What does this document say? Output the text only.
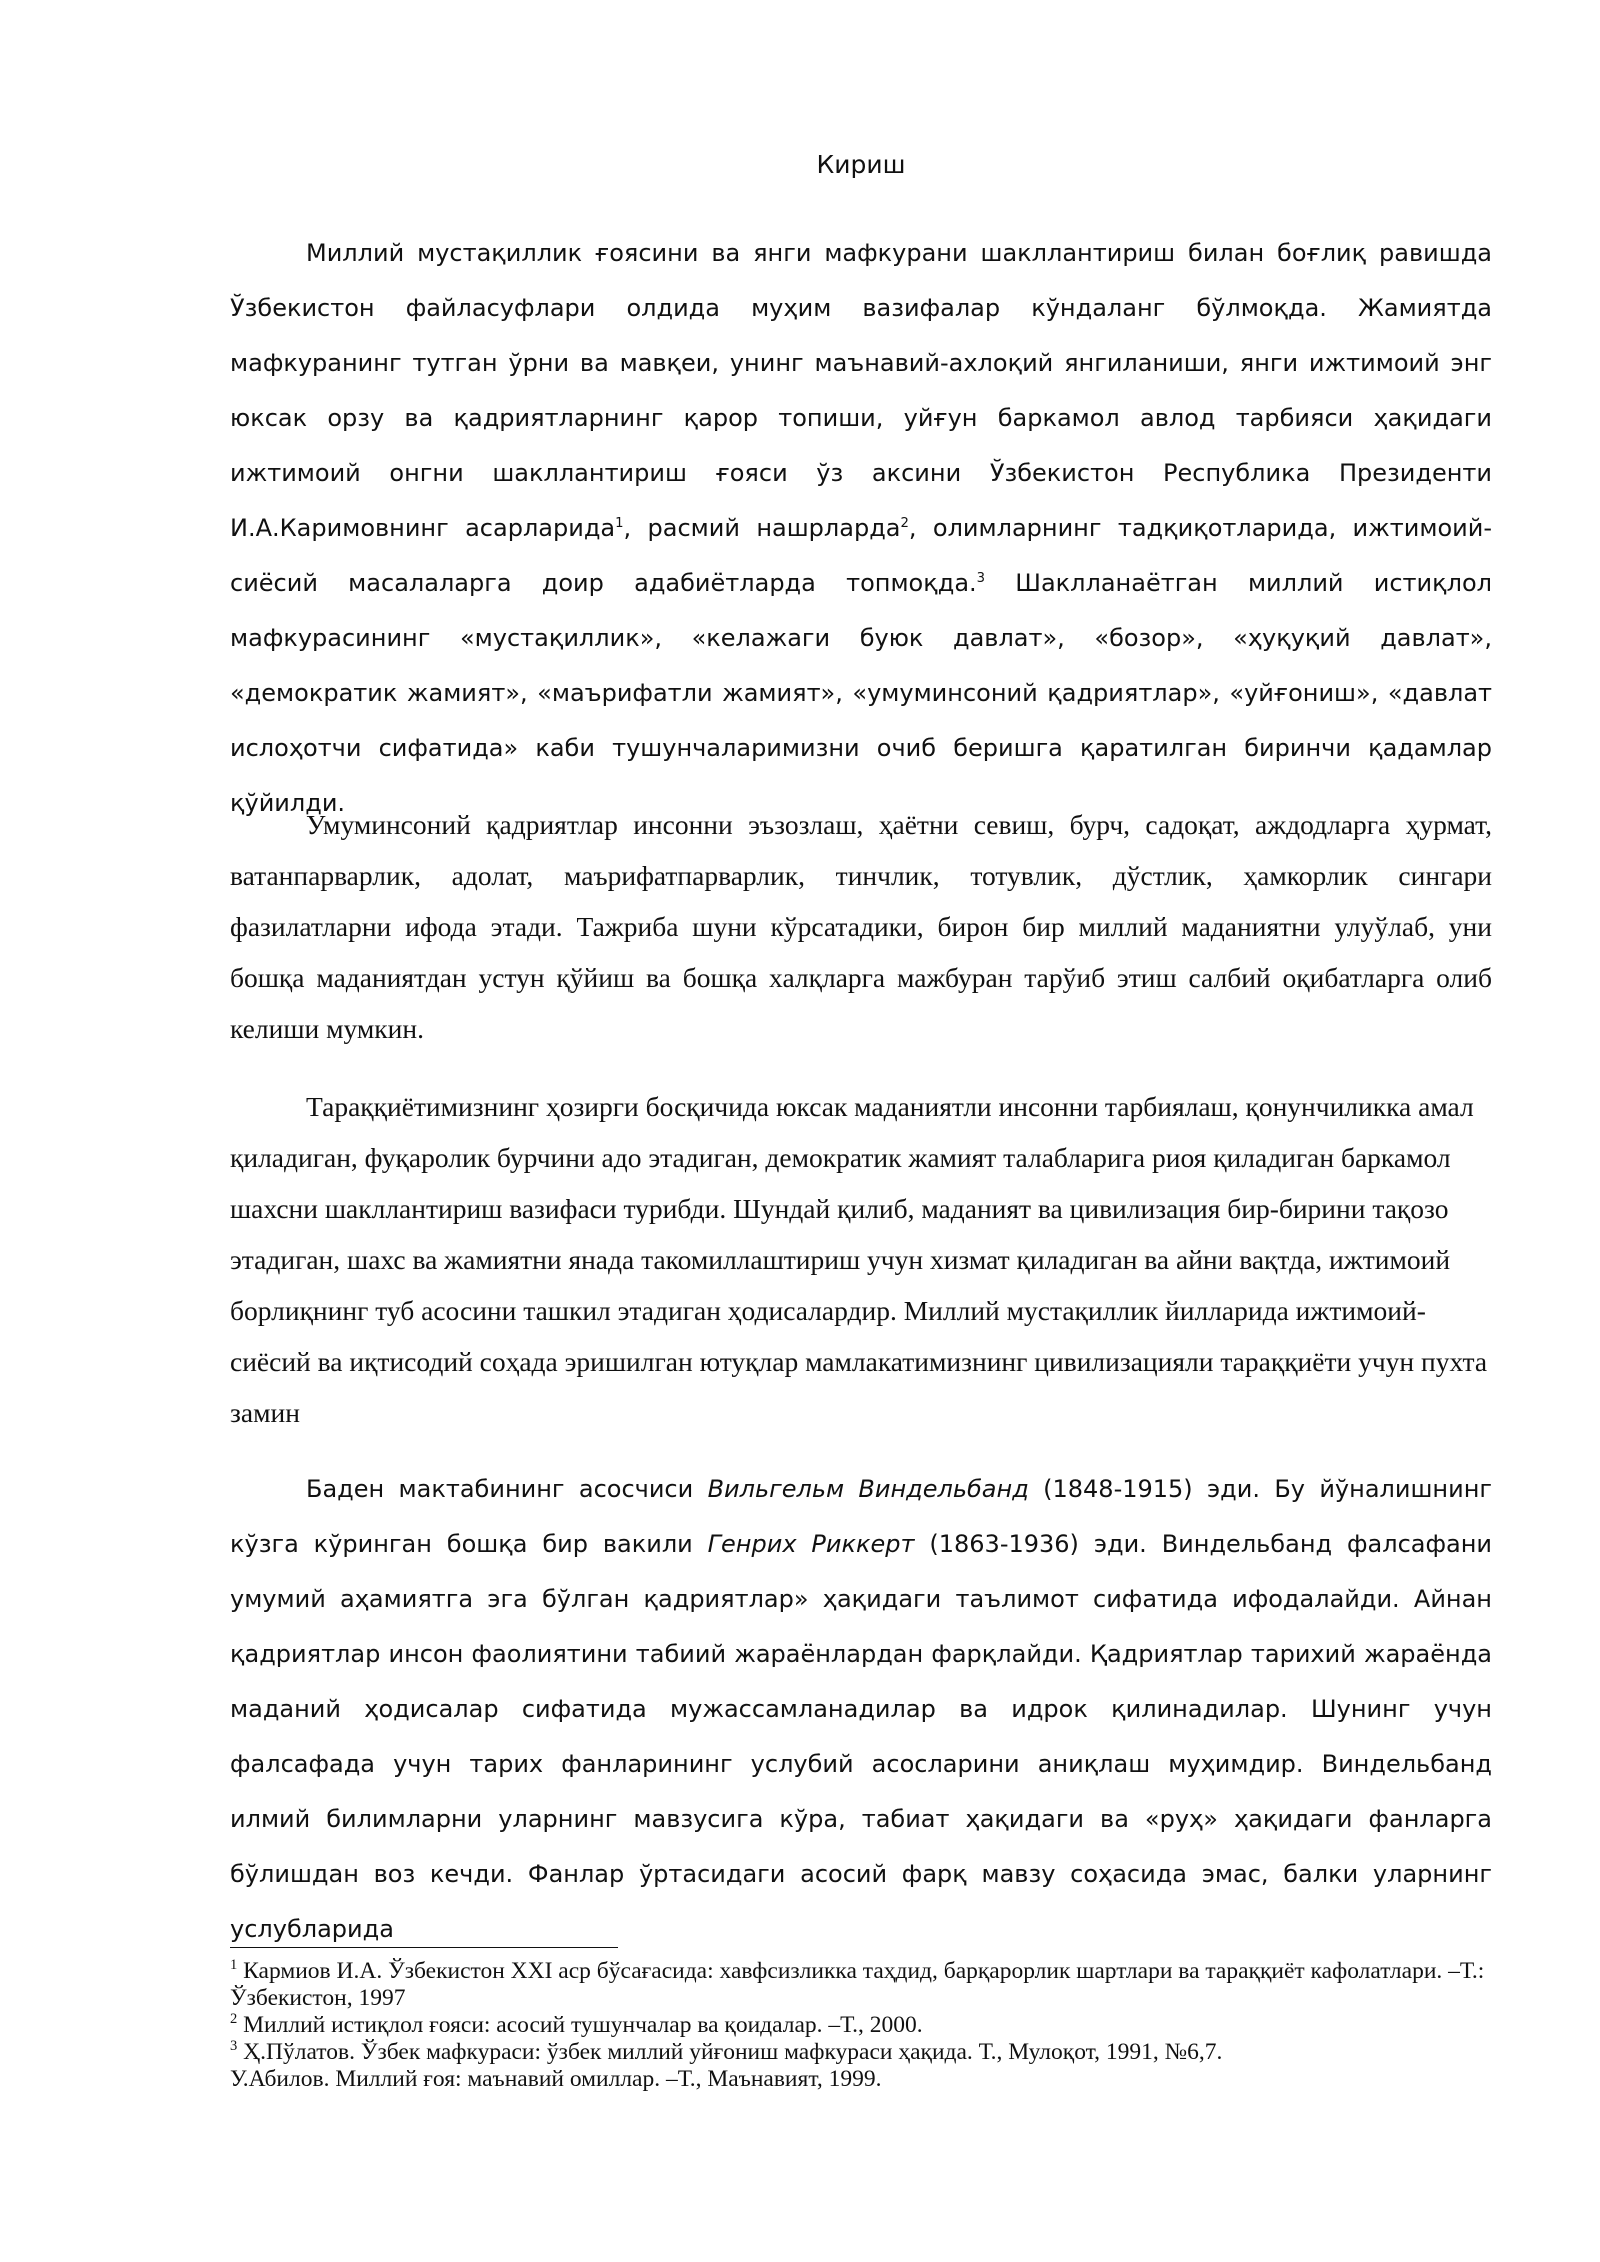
Кириш

Миллий мустақиллик ғоясини ва янги мафкурани шакллантириш билан боғлиқ равишда Ўзбекистон файласуфлари олдида муҳим вазифалар кўндаланг бўлмоқда. Жамиятда мафкуранинг тутган ўрни ва мавқеи, унинг маънавий-ахлоқий янгиланиши, янги ижтимоий энг юксак орзу ва қадриятларнинг қарор топиши, уйғун баркамол авлод тарбияси ҳақидаги ижтимоий онгни шакллантириш ғояси ўз аксини Ўзбекистон Республика Президенти И.А.Каримовнинг асарларида$^1$, расмий нашрларда$^2$, олимларнинг тадқиқотларида, ижтимоий-сиёсий масалаларга доир адабиётларда топмоқда.$^3$ Шаклланаётган миллий истиқлол мафкурасининг «мустақиллик», «келажаги буюк давлат», «бозор», «ҳуқуқий давлат», «демократик жамият», «маърифатли жамият», «умуминсоний қадриятлар», «уйғониш», «давлат ислоҳотчи сифатида» каби тушунчаларимизни очиб беришга қаратилган биринчи қадамлар қўйилди.

Умуминсоний қадриятлар инсонни эъзозлаш, ҳаётни севиш, бурч, садоқат, аждодларга ҳурмат, ватанпарварлик, адолат, маърифатпарварлик, тинчлик, тотувлик, дўстлик, ҳамкорлик сингари фазилатларни ифода этади. Тажриба шуни кўрсатадики, бирон бир миллий маданиятни улуўлаб, уни бошқа маданиятдан устун қўйиш ва бошқа халқларга мажбуран тарўиб этиш салбий оқибатларга олиб келиши мумкин.

Тараққиётимизнинг ҳозирги босқичида юксак маданиятли инсонни тарбиялаш, қонунчиликка амал қиладиган, фуқаролик бурчини адо этадиган, демократик жамият талабларига риоя қиладиган баркамол шахсни шакллантириш вазифаси турибди. Шундай қилиб, маданият ва цивилизация бир-бирини тақозо этадиган, шахс ва жамиятни янада такомиллаштириш учун хизмат қиладиган ва айни вақтда, ижтимоий борлиқнинг туб асосини ташкил этадиган ҳодисалардир. Миллий мустақиллик йилларида ижтимоий-сиёсий ва иқтисодий соҳада эришилган ютуқлар мамлакатимизнинг цивилизацияли тараққиёти учун пухта замин

Баден мактабининг асосчиси Вильгельм Виндельбанд (1848-1915) эди. Бу йўналишнинг кўзга кўринган бошқа бир вакили Генрих Риккерт (1863-1936) эди. Виндельбанд фалсафани умумий аҳамиятга эга бўлган қадриятлар» ҳақидаги таълимот сифатида ифодалайди. Айнан қадриятлар инсон фаолиятини табиий жараёнлардан фарқлайди. Қадриятлар тарихий жараёнда маданий ҳодисалар сифатида мужассамланадилар ва идрок қилинадилар. Шунинг учун фалсафада учун тарих фанларининг услубий асосларини аниқлаш муҳимдир. Виндельбанд илмий билимларни уларнинг мавзусига кўра, табиат ҳақидаги ва «руҳ» ҳақидаги фанларга бўлишдан воз кечди. Фанлар ўртасидаги асосий фарқ мавзу соҳасида эмас, балки уларнинг услубларида

$^1$ Кармиов И.А. Ўзбекистон XXI аср бўсағасида: хавфсизликка таҳдид, барқарорлик шартлари ва тараққиёт кафолатлари. –Т.: Ўзбекистон, 1997

$^2$ Миллий истиқлол ғояси: асосий тушунчалар ва қоидалар. –Т., 2000.

$^3$ Ҳ.Пўлатов. Ўзбек мафкураси: ўзбек миллий уйғониш мафкураси ҳақида. Т., Мулоқот, 1991, №6,7.

У.Абилов. Миллий ғоя: маънавий омиллар. –Т., Маънавият, 1999.
